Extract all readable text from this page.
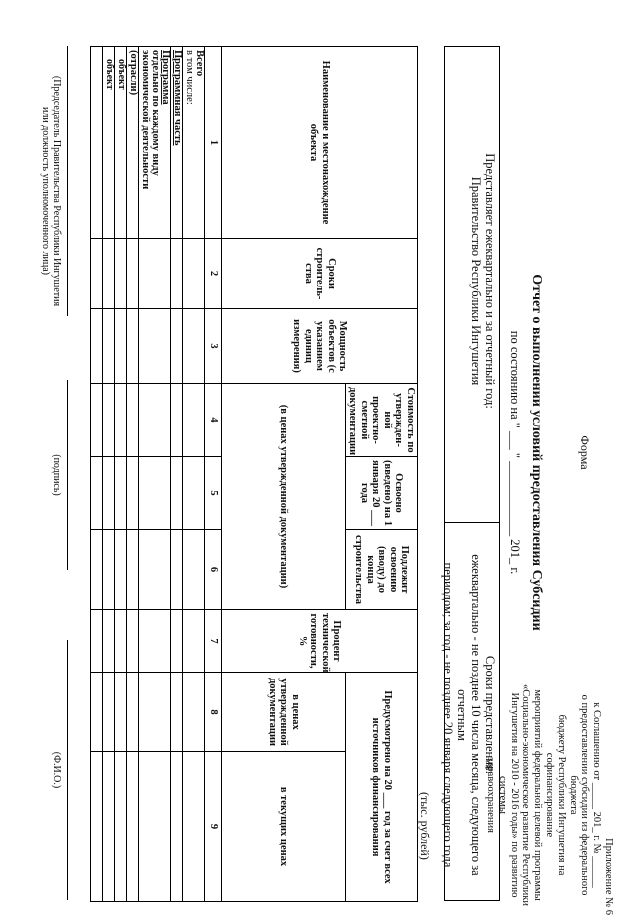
Приложение № 6

к Соглашению от _____ 201_ г. № ______

о предоставлении субсидии из федерального бюджета

бюджету Республики Ингушетия на софинансирование

мероприятий федеральной целевой программы

«Социально-экономическое развитие Республики

Ингушетия на 2010 - 2016 годы» по развитию системы

здравоохранения

Форма
Отчет о выполнении условий предоставления Субсидии
по состоянию на " ___ " ____________ 201_ г.
Представляет ежеквартально и за отчетный год:
Правительство Республики Ингушетия
Сроки представления:
ежеквартально - не позднее 10 числа месяца, следующего за отчетным
периодом; за год - не позднее 20 января следующего года
(тыс. рублей)
Наименование и местонахождение объекта	Сроки строитель- ства	Мощность объектов (с указанием единиц измерения)	Стоимость по утвержден- ной проектно- сметной документации	Освоено (введено) на 1 января 20 ___ года	Подлежит освоению (вводу) до конца строительства	Процент технической готовности, %	Предусмотрено на 20 ___ год за счет всех источников финансирования	
			(в ценах утвержденной документации)				в ценах утвержденной документации	в текущих ценах

1	2	3	4	5	6	7	8	9
Всего
в том числе:								
Программная часть								
Программа
отдельно по каждому виду
экономической деятельности								
(отрасли)								
объект								
объект								

(Председатель Правительства Республики Ингушетия
или должность уполномоченного лица)
(подпись)
(Ф.И.О.)
